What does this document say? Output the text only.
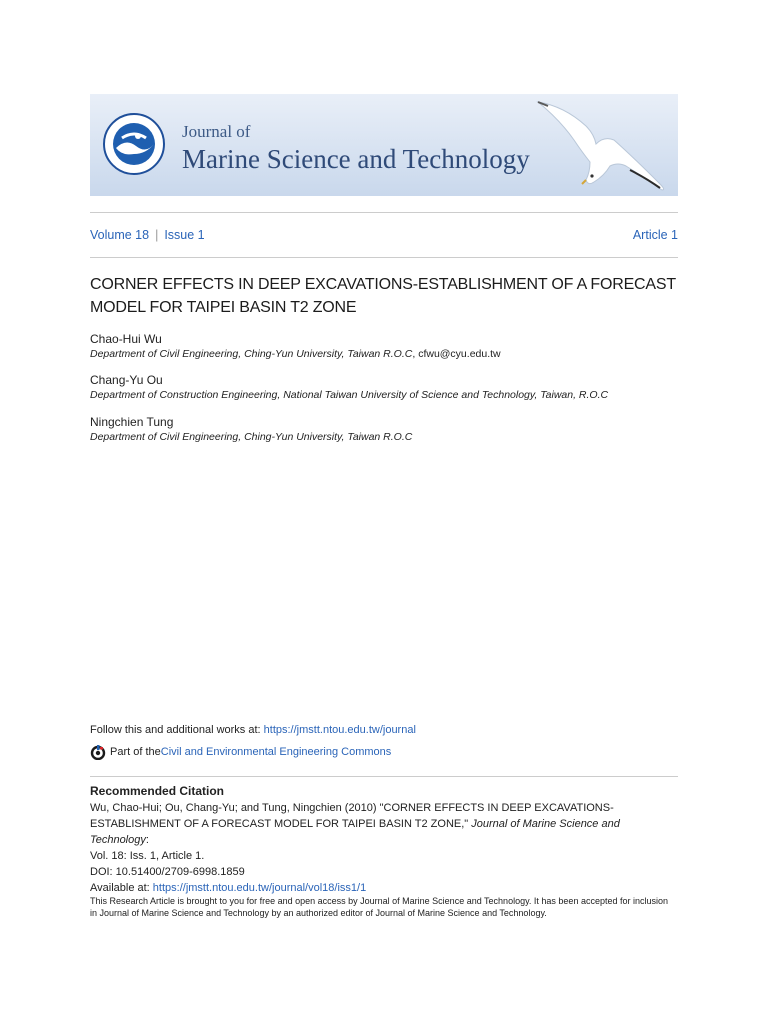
Journal of
Marine Science and Technology
Volume 18 | Issue 1	Article 1
CORNER EFFECTS IN DEEP EXCAVATIONS-ESTABLISHMENT OF A FORECAST MODEL FOR TAIPEI BASIN T2 ZONE
Chao-Hui Wu
Department of Civil Engineering, Ching-Yun University, Taiwan R.O.C, cfwu@cyu.edu.tw
Chang-Yu Ou
Department of Construction Engineering, National Taiwan University of Science and Technology, Taiwan, R.O.C
Ningchien Tung
Department of Civil Engineering, Ching-Yun University, Taiwan R.O.C
Follow this and additional works at: https://jmstt.ntou.edu.tw/journal
Part of the Civil and Environmental Engineering Commons
Recommended Citation
Wu, Chao-Hui; Ou, Chang-Yu; and Tung, Ningchien (2010) "CORNER EFFECTS IN DEEP EXCAVATIONS-ESTABLISHMENT OF A FORECAST MODEL FOR TAIPEI BASIN T2 ZONE," Journal of Marine Science and Technology:
Vol. 18: Iss. 1, Article 1.
DOI: 10.51400/2709-6998.1859
Available at: https://jmstt.ntou.edu.tw/journal/vol18/iss1/1
This Research Article is brought to you for free and open access by Journal of Marine Science and Technology. It has been accepted for inclusion in Journal of Marine Science and Technology by an authorized editor of Journal of Marine Science and Technology.
